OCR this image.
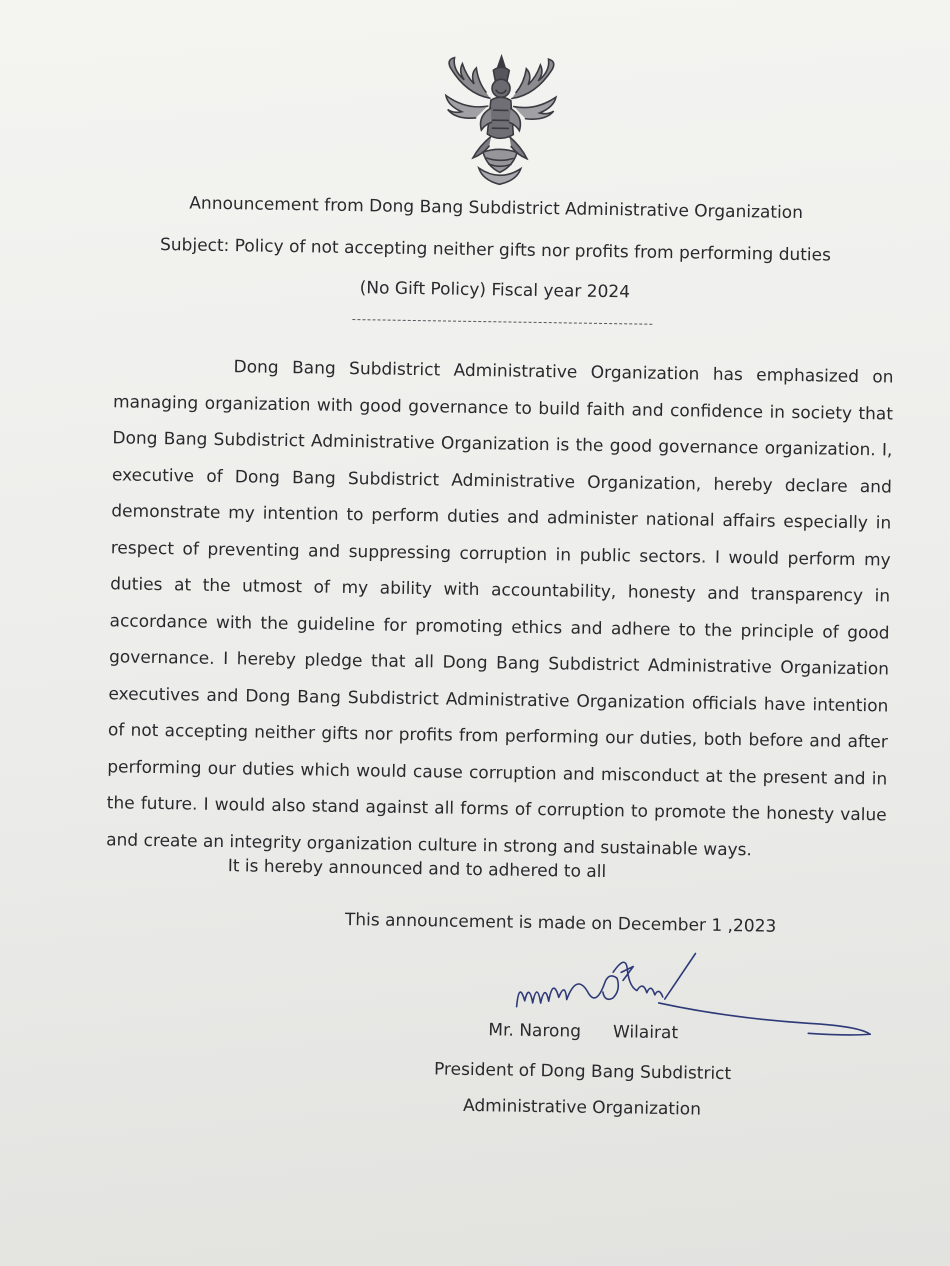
Announcement from Dong Bang Subdistrict Administrative Organization
Subject: Policy of not accepting neither gifts nor profits from performing duties
(No Gift Policy) Fiscal year 2024

Dong Bang Subdistrict Administrative Organization has emphasized on managing organization with good governance to build faith and confidence in society that Dong Bang Subdistrict Administrative Organization is the good governance organization. I, executive of Dong Bang Subdistrict Administrative Organization, hereby declare and demonstrate my intention to perform duties and administer national affairs especially in respect of preventing and suppressing corruption in public sectors. I would perform my duties at the utmost of my ability with accountability, honesty and transparency in accordance with the guideline for promoting ethics and adhere to the principle of good governance. I hereby pledge that all Dong Bang Subdistrict Administrative Organization executives and Dong Bang Subdistrict Administrative Organization officials have intention of not accepting neither gifts nor profits from performing our duties, both before and after performing our duties which would cause corruption and misconduct at the present and in the future. I would also stand against all forms of corruption to promote the honesty value and create an integrity organization culture in strong and sustainable ways.

It is hereby announced and to adhered to all
This announcement is made on December 1 ,2023
Mr. Narong Wilairat
President of Dong Bang Subdistrict
Administrative Organization
